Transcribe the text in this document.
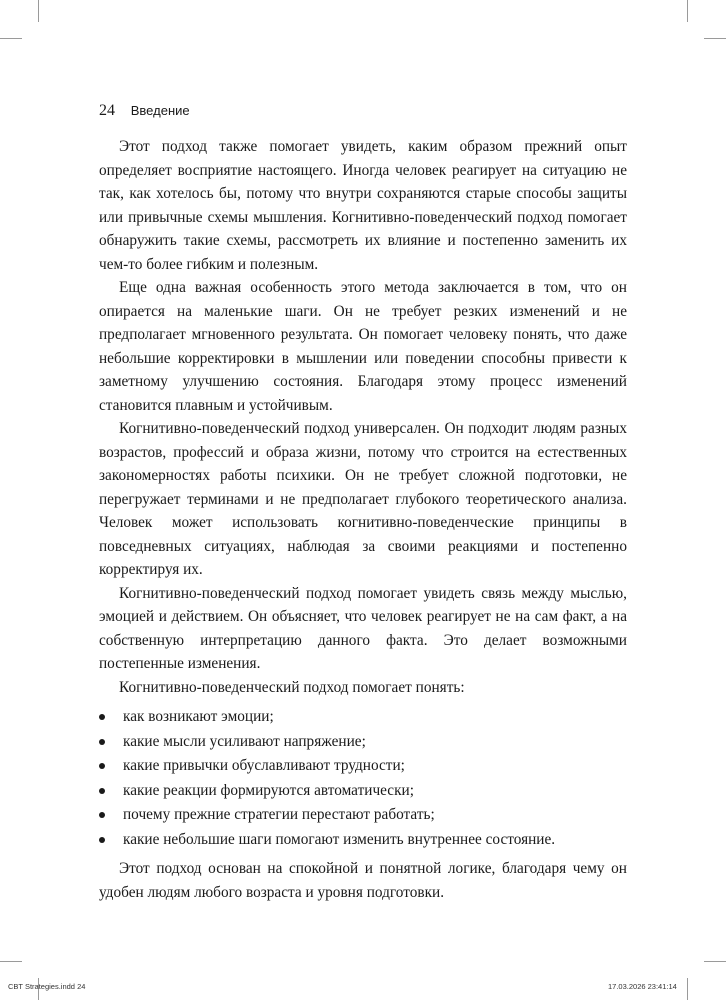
24 Введение

Этот подход также помогает увидеть, каким образом прежний опыт определяет восприятие настоящего. Иногда человек реагирует на ситуацию не так, как хотелось бы, потому что внутри сохраняются старые способы защиты или привычные схемы мышления. Когнитивно-поведенческий подход помогает обнаружить такие схемы, рассмотреть их влияние и постепенно заменить их чем-то более гибким и полезным.

Еще одна важная особенность этого метода заключается в том, что он опирается на маленькие шаги. Он не требует резких изменений и не предполагает мгновенного результата. Он помогает человеку понять, что даже небольшие корректировки в мышлении или поведении способны привести к заметному улучшению состояния. Благодаря этому процесс изменений становится плавным и устойчивым.

Когнитивно-поведенческий подход универсален. Он подходит людям разных возрастов, профессий и образа жизни, потому что строится на естественных закономерностях работы психики. Он не требует сложной подготовки, не перегружает терминами и не предполагает глубокого теоретического анализа. Человек может использовать когнитивно-поведенческие принципы в повседневных ситуациях, наблюдая за своими реакциями и постепенно корректируя их.

Когнитивно-поведенческий подход помогает увидеть связь между мыслью, эмоцией и действием. Он объясняет, что человек реагирует не на сам факт, а на собственную интерпретацию данного факта. Это делает возможными постепенные изменения.

Когнитивно-поведенческий подход помогает понять:

как возникают эмоции;
какие мысли усиливают напряжение;
какие привычки обуславливают трудности;
какие реакции формируются автоматически;
почему прежние стратегии перестают работать;
какие небольшие шаги помогают изменить внутреннее состояние.

Этот подход основан на спокойной и понятной логике, благодаря чему он удобен людям любого возраста и уровня подготовки.

CBT Strategies.indd 24	17.03.2026 23:41:14
